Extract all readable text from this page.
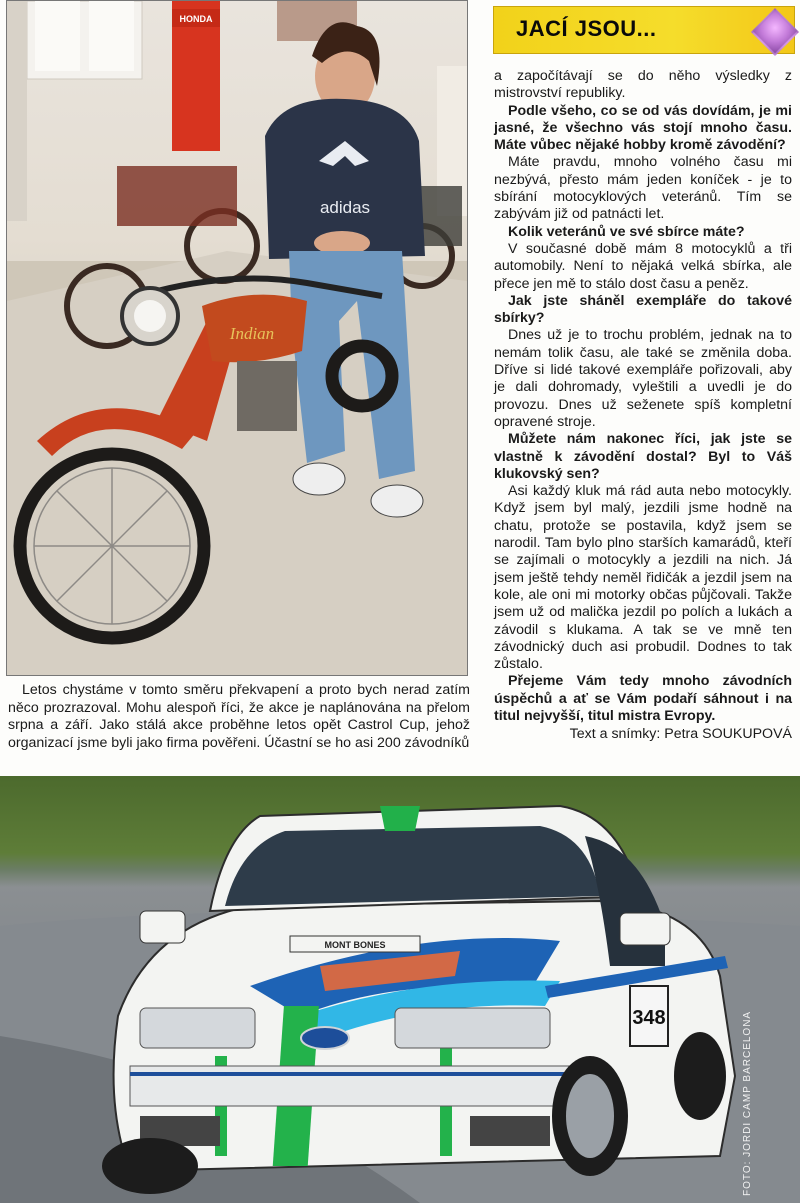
HONDA
adidas
Indian
JACÍ JSOU...

a započítávají se do něho výsledky z mistrovství republiky.

Podle všeho, co se od vás dovídám, je mi jasné, že všechno vás stojí mnoho času. Máte vůbec nějaké hobby kromě závodění?

Máte pravdu, mnoho volného času mi nezbývá, přesto mám jeden koníček - je to sbírání motocyklových veteránů. Tím se zabývám již od patnácti let.

Kolik veteránů ve své sbírce máte?

V současné době mám 8 motocyklů a tři automobily. Není to nějaká velká sbírka, ale přece jen mě to stálo dost času a peněz.

Jak jste sháněl exempláře do takové sbírky?

Dnes už je to trochu problém, jednak na to nemám tolik času, ale také se změnila doba. Dříve si lidé takové exempláře pořizovali, aby je dali dohromady, vyleštili a uvedli je do provozu. Dnes už seženete spíš kompletní opravené stroje.

Můžete nám nakonec říci, jak jste se vlastně k závodění dostal? Byl to Váš klukovský sen?

Asi každý kluk má rád auta nebo motocykly. Když jsem byl malý, jezdili jsme hodně na chatu, protože se postavila, když jsem se narodil. Tam bylo plno starších kamarádů, kteří se zajímali o motocykly a jezdili na nich. Já jsem ještě tehdy neměl řidičák a jezdil jsem na kole, ale oni mi motorky občas půjčovali. Takže jsem už od malička jezdil po polích a lukách a závodil s klukama. A tak se ve mně ten závodnický duch asi probudil. Dodnes to tak zůstalo.

Přejeme Vám tedy mnoho závodních úspěchů a ať se Vám podaří sáhnout i na titul nejvyšší, titul mistra Evropy.

Text a snímky: Petra SOUKUPOVÁ

Letos chystáme v tomto směru překvapení a proto bych nerad zatím něco prozrazoval. Mohu alespoň říci, že akce je naplánována na přelom srpna a září. Jako stálá akce proběhne letos opět Castrol Cup, jehož organizací jsme byli jako firma pověřeni. Účastní se ho asi 200 závodníků

348
MONT BONES
FOTO: JORDI CAMP BARCELONA
